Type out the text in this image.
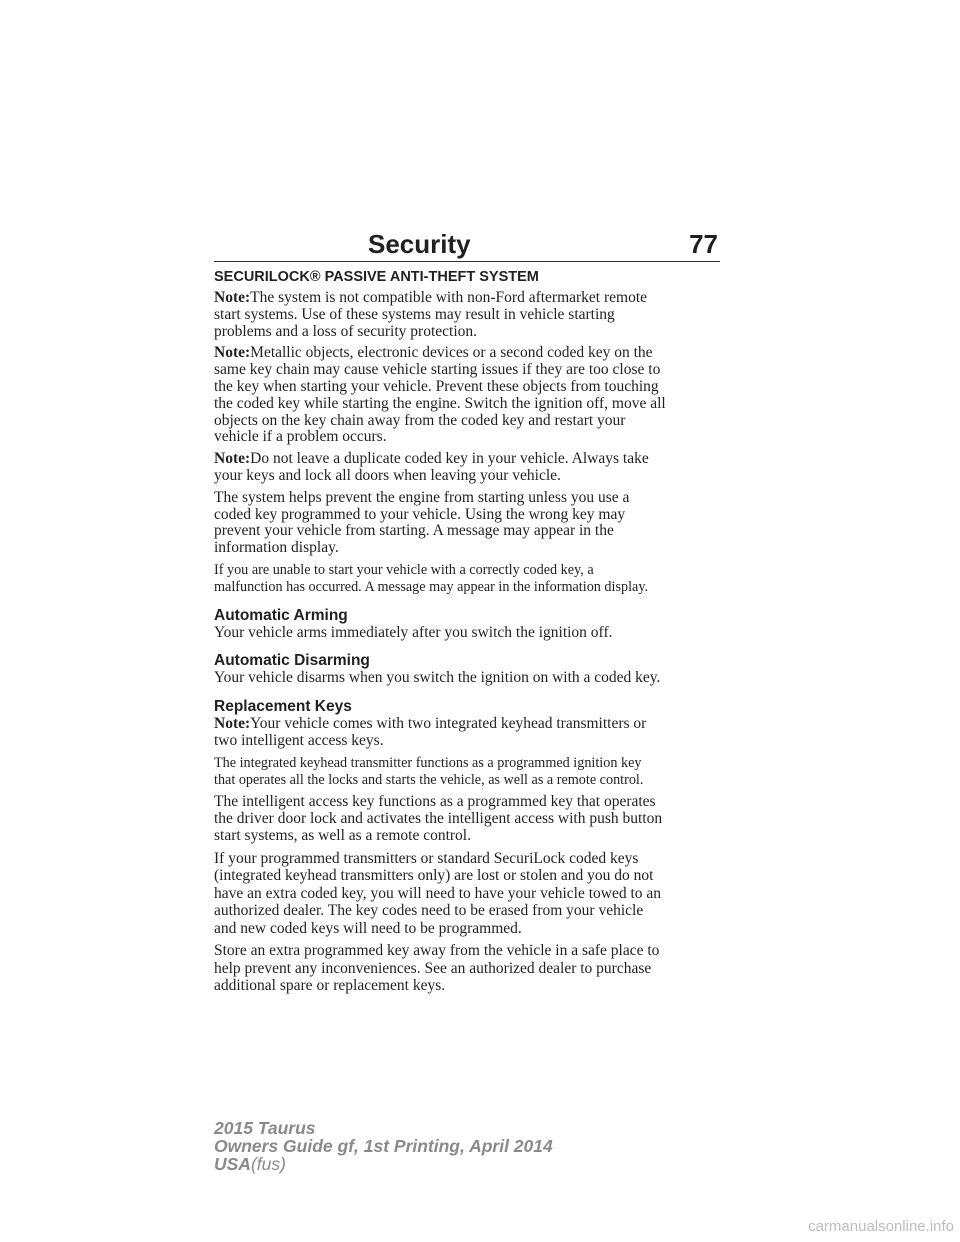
Security	77
SECURILOCK® PASSIVE ANTI-THEFT SYSTEM
Note:The system is not compatible with non-Ford aftermarket remote
start systems. Use of these systems may result in vehicle starting
problems and a loss of security protection.
Note:Metallic objects, electronic devices or a second coded key on the
same key chain may cause vehicle starting issues if they are too close to
the key when starting your vehicle. Prevent these objects from touching
the coded key while starting the engine. Switch the ignition off, move all
objects on the key chain away from the coded key and restart your
vehicle if a problem occurs.
Note:Do not leave a duplicate coded key in your vehicle. Always take
your keys and lock all doors when leaving your vehicle.
The system helps prevent the engine from starting unless you use a
coded key programmed to your vehicle. Using the wrong key may
prevent your vehicle from starting. A message may appear in the
information display.
If you are unable to start your vehicle with a correctly coded key, a
malfunction has occurred. A message may appear in the information display.
Automatic Arming
Your vehicle arms immediately after you switch the ignition off.
Automatic Disarming
Your vehicle disarms when you switch the ignition on with a coded key.
Replacement Keys
Note:Your vehicle comes with two integrated keyhead transmitters or
two intelligent access keys.
The integrated keyhead transmitter functions as a programmed ignition key
that operates all the locks and starts the vehicle, as well as a remote control.
The intelligent access key functions as a programmed key that operates
the driver door lock and activates the intelligent access with push button
start systems, as well as a remote control.
If your programmed transmitters or standard SecuriLock coded keys
(integrated keyhead transmitters only) are lost or stolen and you do not
have an extra coded key, you will need to have your vehicle towed to an
authorized dealer. The key codes need to be erased from your vehicle
and new coded keys will need to be programmed.
Store an extra programmed key away from the vehicle in a safe place to
help prevent any inconveniences. See an authorized dealer to purchase
additional spare or replacement keys.
2015 Taurus
Owners Guide gf, 1st Printing, April 2014
USA(fus)
carmanualsonline.info
